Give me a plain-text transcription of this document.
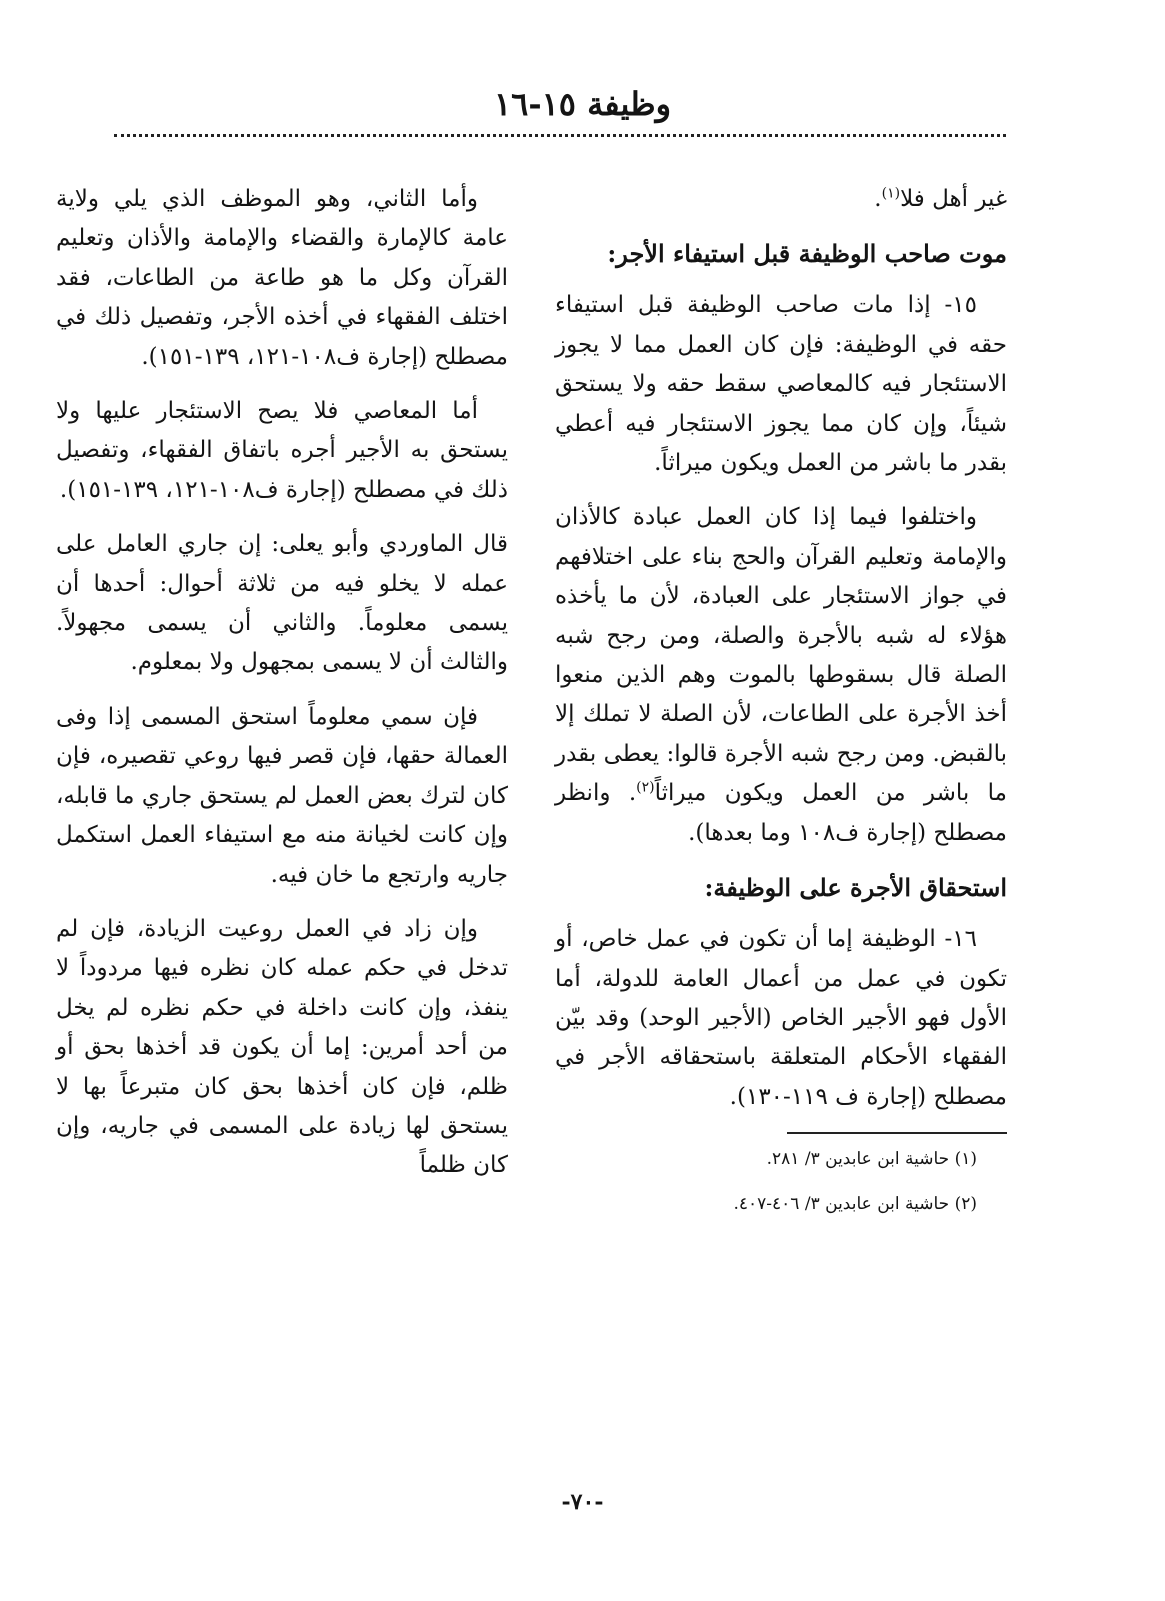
وظيفة ١٥-١٦

غير أهل فلا$^{(١)}$.

موت صاحب الوظيفة قبل استيفاء الأجر:

١٥- إذا مات صاحب الوظيفة قبل استيفاء حقه في الوظيفة: فإن كان العمل مما لا يجوز الاستئجار فيه كالمعاصي سقط حقه ولا يستحق شيئاً، وإن كان مما يجوز الاستئجار فيه أعطي بقدر ما باشر من العمل ويكون ميراثاً.

واختلفوا فيما إذا كان العمل عبادة كالأذان والإمامة وتعليم القرآن والحج بناء على اختلافهم في جواز الاستئجار على العبادة، لأن ما يأخذه هؤلاء له شبه بالأجرة والصلة، ومن رجح شبه الصلة قال بسقوطها بالموت وهم الذين منعوا أخذ الأجرة على الطاعات، لأن الصلة لا تملك إلا بالقبض. ومن رجح شبه الأجرة قالوا: يعطى بقدر ما باشر من العمل ويكون ميراثاً$^{(٢)}$. وانظر مصطلح (إجارة ف١٠٨ وما بعدها).

استحقاق الأجرة على الوظيفة:

١٦- الوظيفة إما أن تكون في عمل خاص، أو تكون في عمل من أعمال العامة للدولة، أما الأول فهو الأجير الخاص (الأجير الوحد) وقد بيّن الفقهاء الأحكام المتعلقة باستحقاقه الأجر في مصطلح (إجارة ف ١١٩-١٣٠).

(١) حاشية ابن عابدين ٣/ ٢٨١.

(٢) حاشية ابن عابدين ٣/ ٤٠٦-٤٠٧.

وأما الثاني، وهو الموظف الذي يلي ولاية عامة كالإمارة والقضاء والإمامة والأذان وتعليم القرآن وكل ما هو طاعة من الطاعات، فقد اختلف الفقهاء في أخذه الأجر، وتفصيل ذلك في مصطلح (إجارة ف١٠٨-١٢١، ١٣٩-١٥١).

أما المعاصي فلا يصح الاستئجار عليها ولا يستحق به الأجير أجره باتفاق الفقهاء، وتفصيل ذلك في مصطلح (إجارة ف١٠٨-١٢١، ١٣٩-١٥١).

قال الماوردي وأبو يعلى: إن جاري العامل على عمله لا يخلو فيه من ثلاثة أحوال: أحدها أن يسمى معلوماً. والثاني أن يسمى مجهولاً. والثالث أن لا يسمى بمجهول ولا بمعلوم.

فإن سمي معلوماً استحق المسمى إذا وفى العمالة حقها، فإن قصر فيها روعي تقصيره، فإن كان لترك بعض العمل لم يستحق جاري ما قابله، وإن كانت لخيانة منه مع استيفاء العمل استكمل جاريه وارتجع ما خان فيه.

وإن زاد في العمل روعيت الزيادة، فإن لم تدخل في حكم عمله كان نظره فيها مردوداً لا ينفذ، وإن كانت داخلة في حكم نظره لم يخل من أحد أمرين: إما أن يكون قد أخذها بحق أو ظلم، فإن كان أخذها بحق كان متبرعاً بها لا يستحق لها زيادة على المسمى في جاريه، وإن كان ظلماً

-٧٠-
